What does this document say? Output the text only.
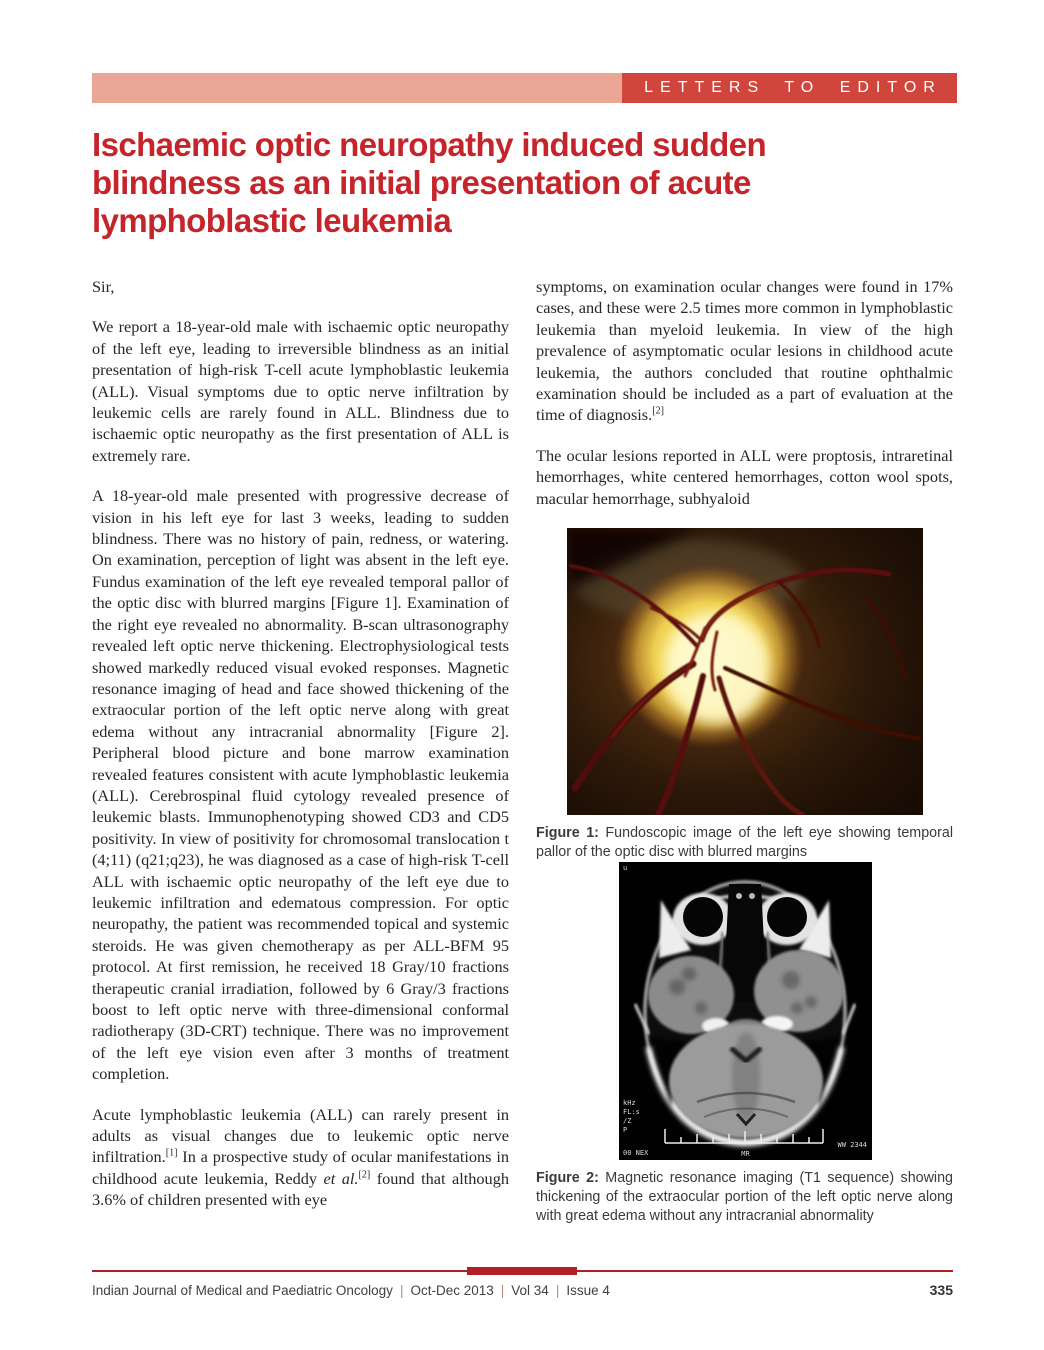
LETTERS TO EDITOR
Ischaemic optic neuropathy induced sudden
blindness as an initial presentation of acute
lymphoblastic leukemia

Sir,

We report a 18-year-old male with ischaemic optic neuropathy of the left eye, leading to irreversible blindness as an initial presentation of high-risk T-cell acute lymphoblastic leukemia (ALL). Visual symptoms due to optic nerve infiltration by leukemic cells are rarely found in ALL. Blindness due to ischaemic optic neuropathy as the first presentation of ALL is extremely rare.

A 18-year-old male presented with progressive decrease of vision in his left eye for last 3 weeks, leading to sudden blindness. There was no history of pain, redness, or watering. On examination, perception of light was absent in the left eye. Fundus examination of the left eye revealed temporal pallor of the optic disc with blurred margins [Figure 1]. Examination of the right eye revealed no abnormality. B-scan ultrasonography revealed left optic nerve thickening. Electrophysiological tests showed markedly reduced visual evoked responses. Magnetic resonance imaging of head and face showed thickening of the extraocular portion of the left optic nerve along with great edema without any intracranial abnormality [Figure 2]. Peripheral blood picture and bone marrow examination revealed features consistent with acute lymphoblastic leukemia (ALL). Cerebrospinal fluid cytology revealed presence of leukemic blasts. Immunophenotyping showed CD3 and CD5 positivity. In view of positivity for chromosomal translocation t (4;11) (q21;q23), he was diagnosed as a case of high-risk T-cell ALL with ischaemic optic neuropathy of the left eye due to leukemic infiltration and edematous compression. For optic neuropathy, the patient was recommended topical and systemic steroids. He was given chemotherapy as per ALL-BFM 95 protocol. At first remission, he received 18 Gray/10 fractions therapeutic cranial irradiation, followed by 6 Gray/3 fractions boost to left optic nerve with three-dimensional conformal radiotherapy (3D-CRT) technique. There was no improvement of the left eye vision even after 3 months of treatment completion.

Acute lymphoblastic leukemia (ALL) can rarely present in adults as visual changes due to leukemic optic nerve infiltration.[1] In a prospective study of ocular manifestations in childhood acute leukemia, Reddy et al.[2] found that although 3.6% of children presented with eye

symptoms, on examination ocular changes were found in 17% cases, and these were 2.5 times more common in lymphoblastic leukemia than myeloid leukemia. In view of the high prevalence of asymptomatic ocular lesions in childhood acute leukemia, the authors concluded that routine ophthalmic examination should be included as a part of evaluation at the time of diagnosis.[2]

The ocular lesions reported in ALL were proptosis, intraretinal hemorrhages, white centered hemorrhages, cotton wool spots, macular hemorrhage, subhyaloid

Figure 1: Fundoscopic image of the left eye showing temporal pallor of the optic disc with blurred margins
u
kHz
FL:s
/Z
P
00 NEX	MR
WW 2344
Figure 2: Magnetic resonance imaging (T1 sequence) showing thickening of the extraocular portion of the left optic nerve along with great edema without any intracranial abnormality
Indian Journal of Medical and Paediatric Oncology | Oct-Dec 2013 | Vol 34 | Issue 4	335
